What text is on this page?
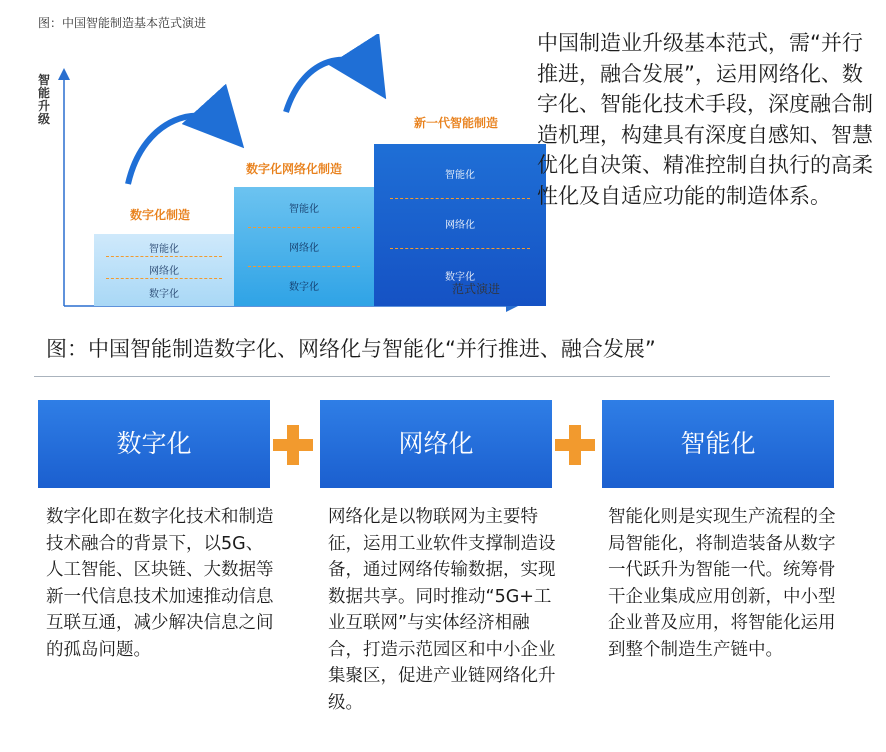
图：中国智能制造基本范式演进
智能升级
数字化制造
数字化网络化制造
新一代智能制造
智能化
网络化
数字化
智能化
网络化
数字化
智能化
网络化
数字化
范式演进
中国制造业升级基本范式，需“并行推进，融合发展”，运用网络化、数字化、智能化技术手段，深度融合制造机理，构建具有深度自感知、智慧优化自决策、精准控制自执行的高柔性化及自适应功能的制造体系。
图：中国智能制造数字化、网络化与智能化“并行推进、融合发展”
数字化	网络化	智能化
数字化即在数字化技术和制造技术融合的背景下，以5G、人工智能、区块链、大数据等新一代信息技术加速推动信息互联互通，减少解决信息之间的孤岛问题。
网络化是以物联网为主要特征，运用工业软件支撑制造设备，通过网络传输数据，实现数据共享。同时推动“5G+工业互联网”与实体经济相融合，打造示范园区和中小企业集聚区，促进产业链网络化升级。
智能化则是实现生产流程的全局智能化，将制造装备从数字一代跃升为智能一代。统筹骨干企业集成应用创新，中小型企业普及应用，将智能化运用到整个制造生产链中。
